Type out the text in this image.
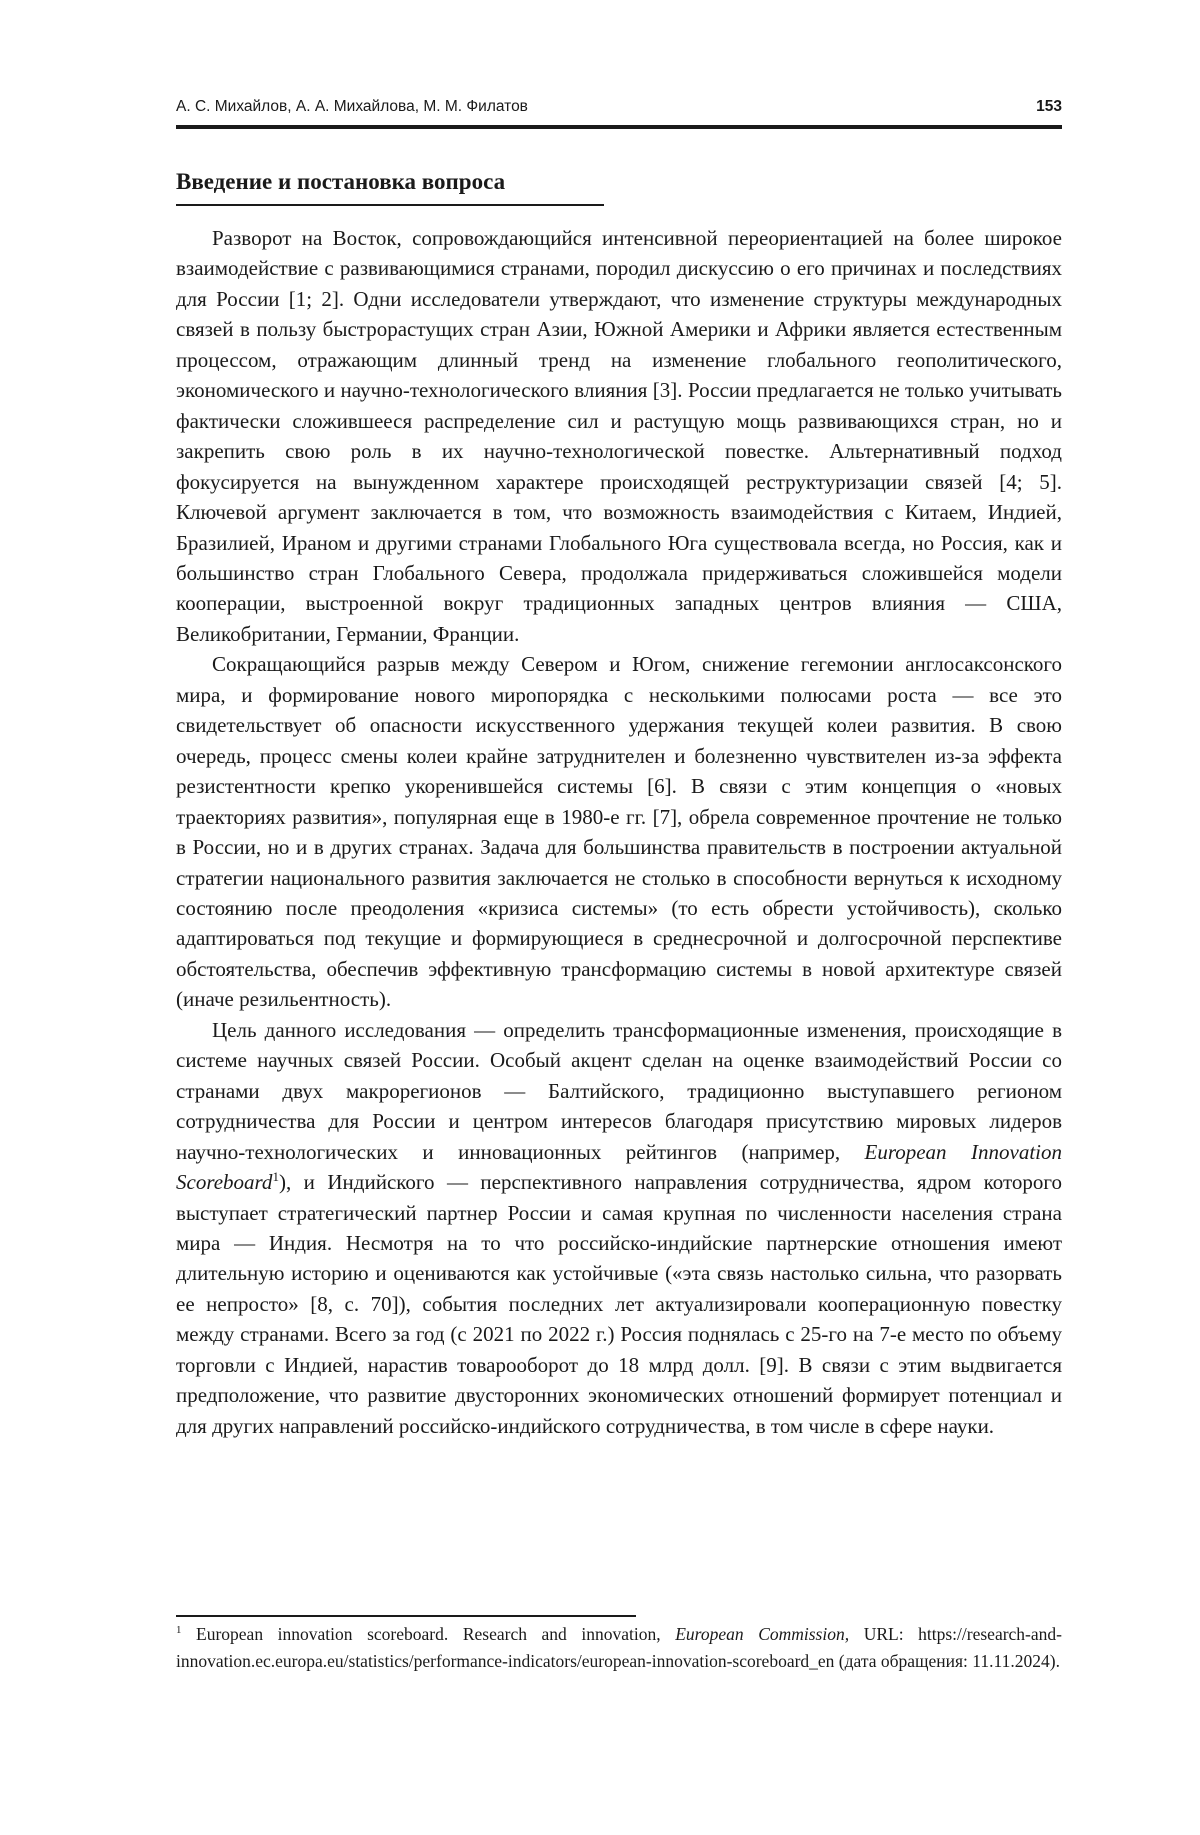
А. С. Михайлов, А. А. Михайлова, М. М. Филатов	153
Введение и постановка вопроса

Разворот на Восток, сопровождающийся интенсивной переориентацией на более широкое взаимодействие с развивающимися странами, породил дискуссию о его причинах и последствиях для России [1; 2]. Одни исследователи утверждают, что изменение структуры международных связей в пользу быстрорастущих стран Азии, Южной Америки и Африки является естественным процессом, отражающим длинный тренд на изменение глобального геополитического, экономического и научно-технологического влияния [3]. России предлагается не только учитывать фактически сложившееся распределение сил и растущую мощь развивающихся стран, но и закрепить свою роль в их научно-технологической повестке. Альтернативный подход фокусируется на вынужденном характере происходящей реструктуризации связей [4; 5]. Ключевой аргумент заключается в том, что возможность взаимодействия с Китаем, Индией, Бразилией, Ираном и другими странами Глобального Юга существовала всегда, но Россия, как и большинство стран Глобального Севера, продолжала придерживаться сложившейся модели кооперации, выстроенной вокруг традиционных западных центров влияния — США, Великобритании, Германии, Франции.

Сокращающийся разрыв между Севером и Югом, снижение гегемонии англосаксонского мира, и формирование нового миропорядка с несколькими полюсами роста — все это свидетельствует об опасности искусственного удержания текущей колеи развития. В свою очередь, процесс смены колеи крайне затруднителен и болезненно чувствителен из-за эффекта резистентности крепко укоренившейся системы [6]. В связи с этим концепция о «новых траекториях развития», популярная еще в 1980-е гг. [7], обрела современное прочтение не только в России, но и в других странах. Задача для большинства правительств в построении актуальной стратегии национального развития заключается не столько в способности вернуться к исходному состоянию после преодоления «кризиса системы» (то есть обрести устойчивость), сколько адаптироваться под текущие и формирующиеся в среднесрочной и долгосрочной перспективе обстоятельства, обеспечив эффективную трансформацию системы в новой архитектуре связей (иначе резильентность).

Цель данного исследования — определить трансформационные изменения, происходящие в системе научных связей России. Особый акцент сделан на оценке взаимодействий России со странами двух макрорегионов — Балтийского, традиционно выступавшего регионом сотрудничества для России и центром интересов благодаря присутствию мировых лидеров научно-технологических и инновационных рейтингов (например, European Innovation Scoreboard1), и Индийского — перспективного направления сотрудничества, ядром которого выступает стратегический партнер России и самая крупная по численности населения страна мира — Индия. Несмотря на то что российско-индийские партнерские отношения имеют длительную историю и оцениваются как устойчивые («эта связь настолько сильна, что разорвать ее непросто» [8, с. 70]), события последних лет актуализировали кооперационную повестку между странами. Всего за год (с 2021 по 2022 г.) Россия поднялась с 25-го на 7-е место по объему торговли с Индией, нарастив товарооборот до 18 млрд долл. [9]. В связи с этим выдвигается предположение, что развитие двусторонних экономических отношений формирует потенциал и для других направлений российско-индийского сотрудничества, в том числе в сфере науки.

1 European innovation scoreboard. Research and innovation, European Commission, URL: https://research-and-innovation.ec.europa.eu/statistics/performance-indicators/european-innovation-scoreboard_en (дата обращения: 11.11.2024).
